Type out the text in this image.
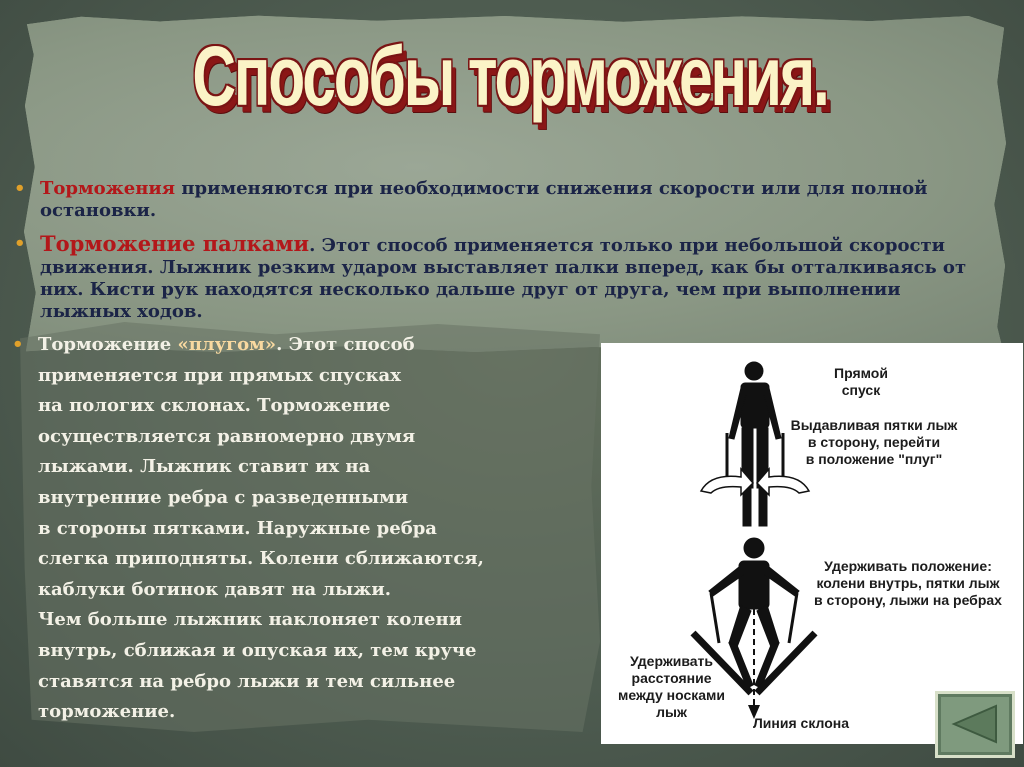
Способы торможения.
• Торможения применяются при необходимости снижения скорости или для полной остановки.
• Торможение палками. Этот способ применяется только при небольшой скорости движения. Лыжник резким ударом выставляет палки вперед, как бы отталкиваясь от них. Кисти рук находятся несколько дальше друг от друга, чем при выполнении лыжных ходов.
• Торможение «плугом». Этот способ
применяется при прямых спусках
на пологих склонах. Торможение
осуществляется равномерно двумя
лыжами. Лыжник ставит их на
внутренние ребра с разведенными
в стороны пятками. Наружные ребра
слегка приподняты. Колени сближаются,
каблуки ботинок давят на лыжи.
Чем больше лыжник наклоняет колени
внутрь, сближая и опуская их, тем круче
ставятся на ребро лыжи и тем сильнее
торможение.
Прямой
спуск
Выдавливая пятки лыж
в сторону, перейти
в положение "плуг"
Удерживать положение:
колени внутрь, пятки лыж
в сторону, лыжи на ребрах
Удерживать
расстояние
между носками
лыж
Линия склона
